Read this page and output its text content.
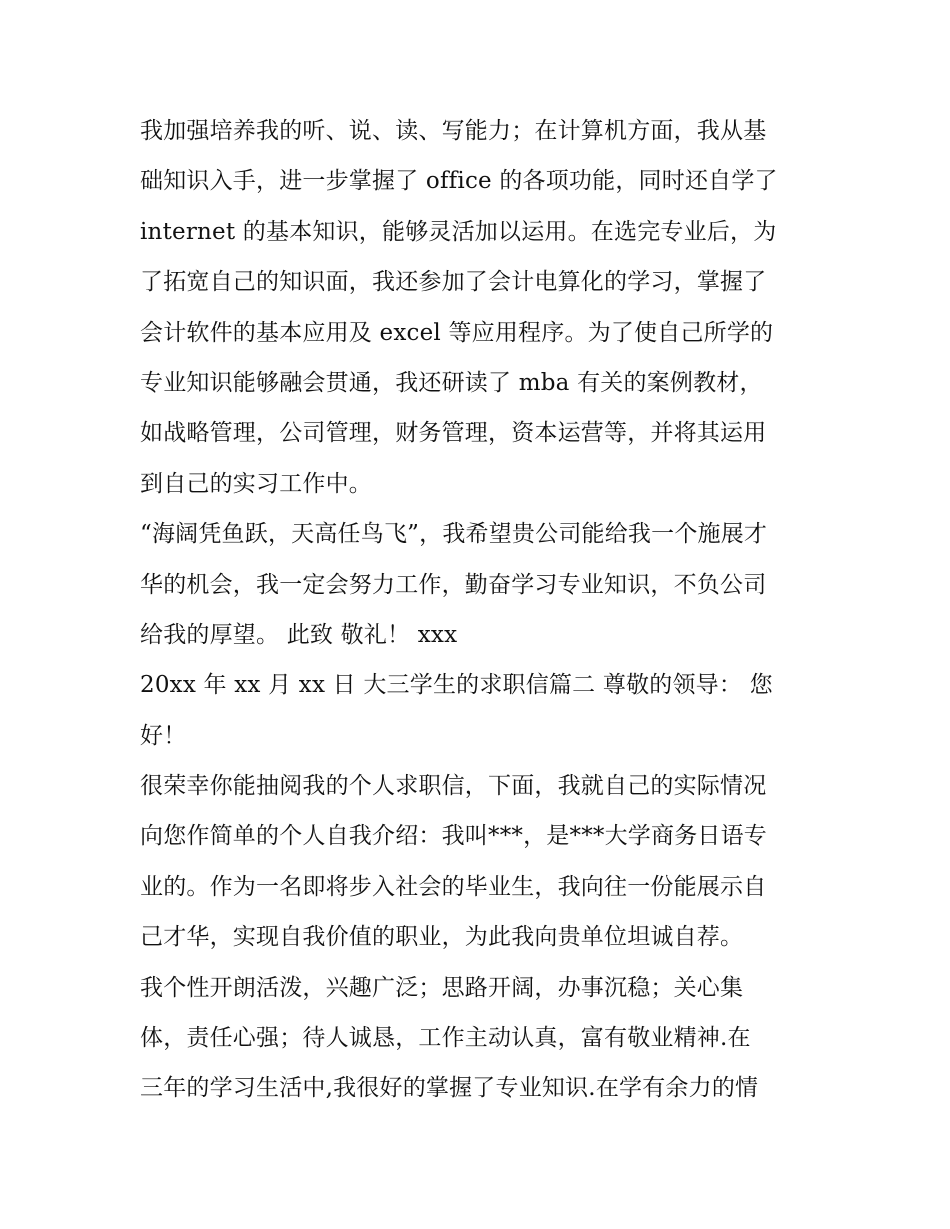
我加强培养我的听、说、读、写能力；在计算机方面，我从基
础知识入手，进一步掌握了 office 的各项功能，同时还自学了
internet 的基本知识，能够灵活加以运用。在选完专业后，为
了拓宽自己的知识面，我还参加了会计电算化的学习，掌握了
会计软件的基本应用及 excel 等应用程序。为了使自己所学的
专业知识能够融会贯通，我还研读了 mba 有关的案例教材，
如战略管理，公司管理，财务管理，资本运营等，并将其运用
到自己的实习工作中。
“海阔凭鱼跃，天高任鸟飞”，我希望贵公司能给我一个施展才
华的机会，我一定会努力工作，勤奋学习专业知识，不负公司
给我的厚望。 此致 敬礼！ xxx
20xx 年 xx 月 xx 日 大三学生的求职信篇二 尊敬的领导： 您
好！
很荣幸你能抽阅我的个人求职信，下面，我就自己的实际情况
向您作简单的个人自我介绍：我叫***，是***大学商务日语专
业的。作为一名即将步入社会的毕业生，我向往一份能展示自
己才华，实现自我价值的职业，为此我向贵单位坦诚自荐。
我个性开朗活泼，兴趣广泛；思路开阔，办事沉稳；关心集
体，责任心强；待人诚恳，工作主动认真，富有敬业精神.在
三年的学习生活中,我很好的掌握了专业知识.在学有余力的情
